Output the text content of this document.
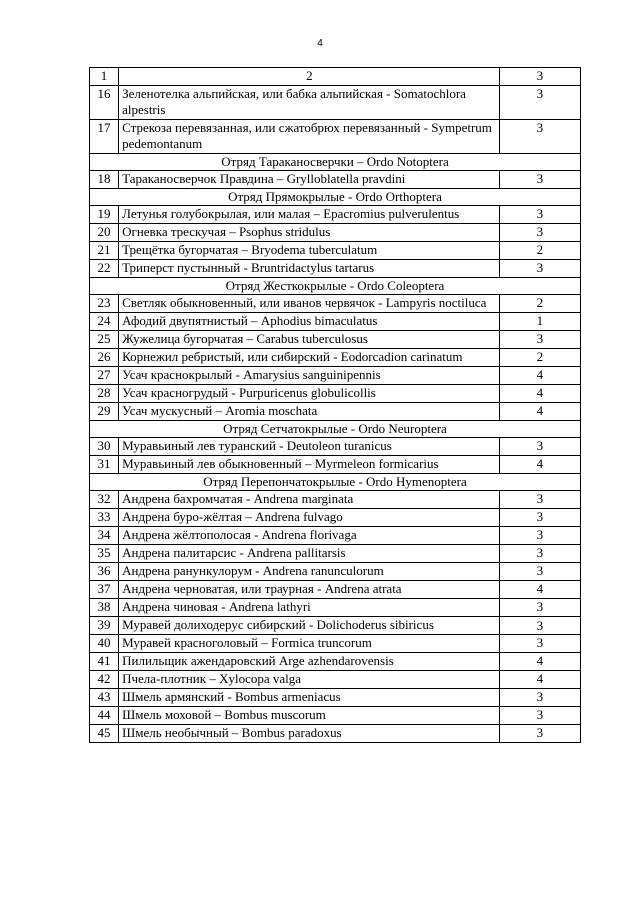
4
1	2	3
16	Зеленотелка альпийская, или бабка альпийская - Somatochlora alpestris	3
17	Стрекоза перевязанная, или сжатобрюх перевязанный - Sympetrum pedemontanum	3
Отряд Тараканосверчки – Ordo Notoptera		
18	Тараканосверчок Правдина – Grylloblatella pravdini	3
Отряд Прямокрылые - Ordo Orthoptera		
19	Летунья голубокрылая, или малая – Epacromius pulverulentus	3
20	Огневка трескучая – Psophus stridulus	3
21	Трещётка бугорчатая – Bryodema tuberculatum	2
22	Триперст пустынный - Bruntridactylus tartarus	3
Отряд Жесткокрылые - Ordo Coleoptera		
23	Светляк обыкновенный, или иванов червячок - Lampyris noctiluca	2
24	Афодий двупятнистый – Aphodius bimaculatus	1
25	Жужелица бугорчатая – Carabus tuberculosus	3
26	Корнежил ребристый, или сибирский - Eodorcadion carinatum	2
27	Усач краснокрылый - Amarysius sanguinipennis	4
28	Усач красногрудый - Purpuricenus globulicollis	4
29	Усач мускусный – Aromia moschata	4
Отряд Сетчатокрылые - Ordo Neuroptera		
30	Муравьиный лев туранский - Deutoleon turanicus	3
31	Муравьиный лев обыкновенный – Myrmeleon formicarius	4
Отряд Перепончатокрылые - Ordo Hymenoptera		
32	Андрена бахромчатая - Andrena marginata	3
33	Андрена буро-жёлтая – Andrena fulvago	3
34	Андрена жёлтополосая - Andrena florivaga	3
35	Андрена палитарсис - Andrena pallitarsis	3
36	Андрена ранункулорум - Andrena ranunculorum	3
37	Андрена черноватая, или траурная - Andrena atrata	4
38	Андрена чиновая - Andrena lathyri	3
39	Муравей долиходерус сибирский - Dolichoderus sibiricus	3
40	Муравей красноголовый – Formica truncorum	3
41	Пилильщик ажендаровский Arge azhendarovensis	4
42	Пчела-плотник – Xylocopa valga	4
43	Шмель армянский - Bombus armeniacus	3
44	Шмель моховой – Bombus muscorum	3
45	Шмель необычный – Bombus paradoxus	3
